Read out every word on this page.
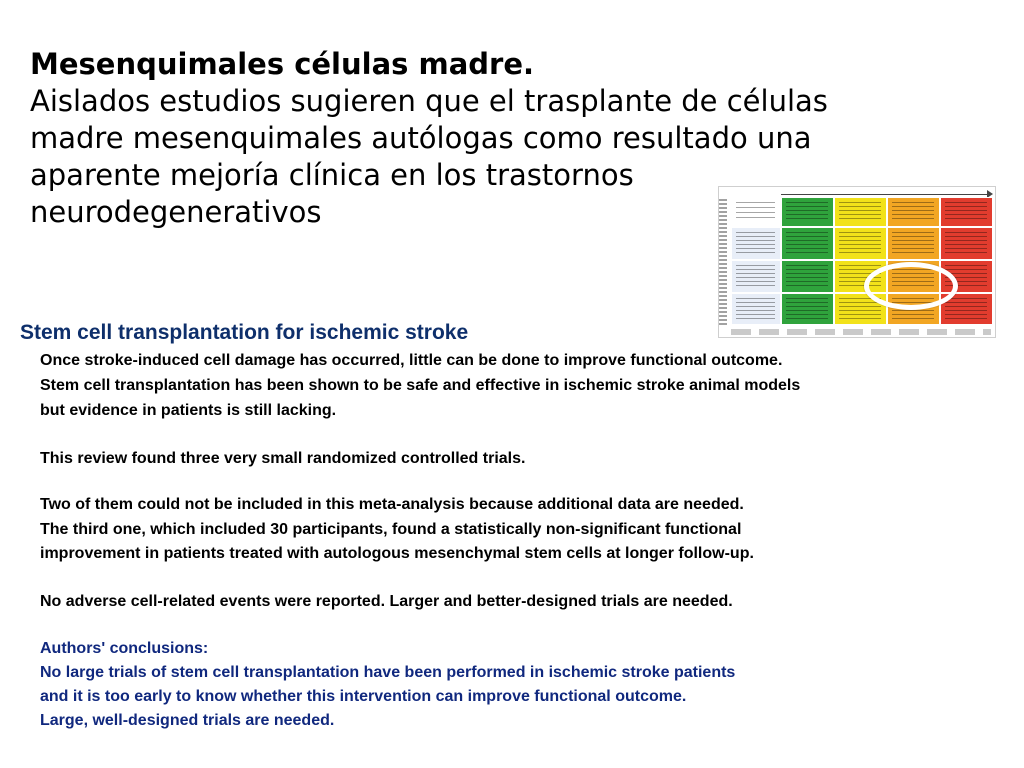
Mesenquimales células madre.
Aislados estudios sugieren que el trasplante de células
madre mesenquimales autólogas como resultado una
aparente mejoría clínica en los trastornos
neurodegenerativos
Stem cell transplantation for ischemic stroke
Once stroke-induced cell damage has occurred, little can be done to improve functional outcome.
Stem cell transplantation has been shown to be safe and effective in ischemic stroke animal models
but evidence in patients is still lacking.
This review found three very small randomized controlled trials.
Two of them could not be included in this meta-analysis because additional data are needed.
The third one, which included 30 participants, found a statistically non-significant functional
improvement in patients treated with autologous mesenchymal stem cells at longer follow-up.
No adverse cell-related events were reported. Larger and better-designed trials are needed.
Authors' conclusions:
No large trials of stem cell transplantation have been performed in ischemic stroke patients
and it is too early to know whether this intervention can improve functional outcome.
Large, well-designed trials are needed.
